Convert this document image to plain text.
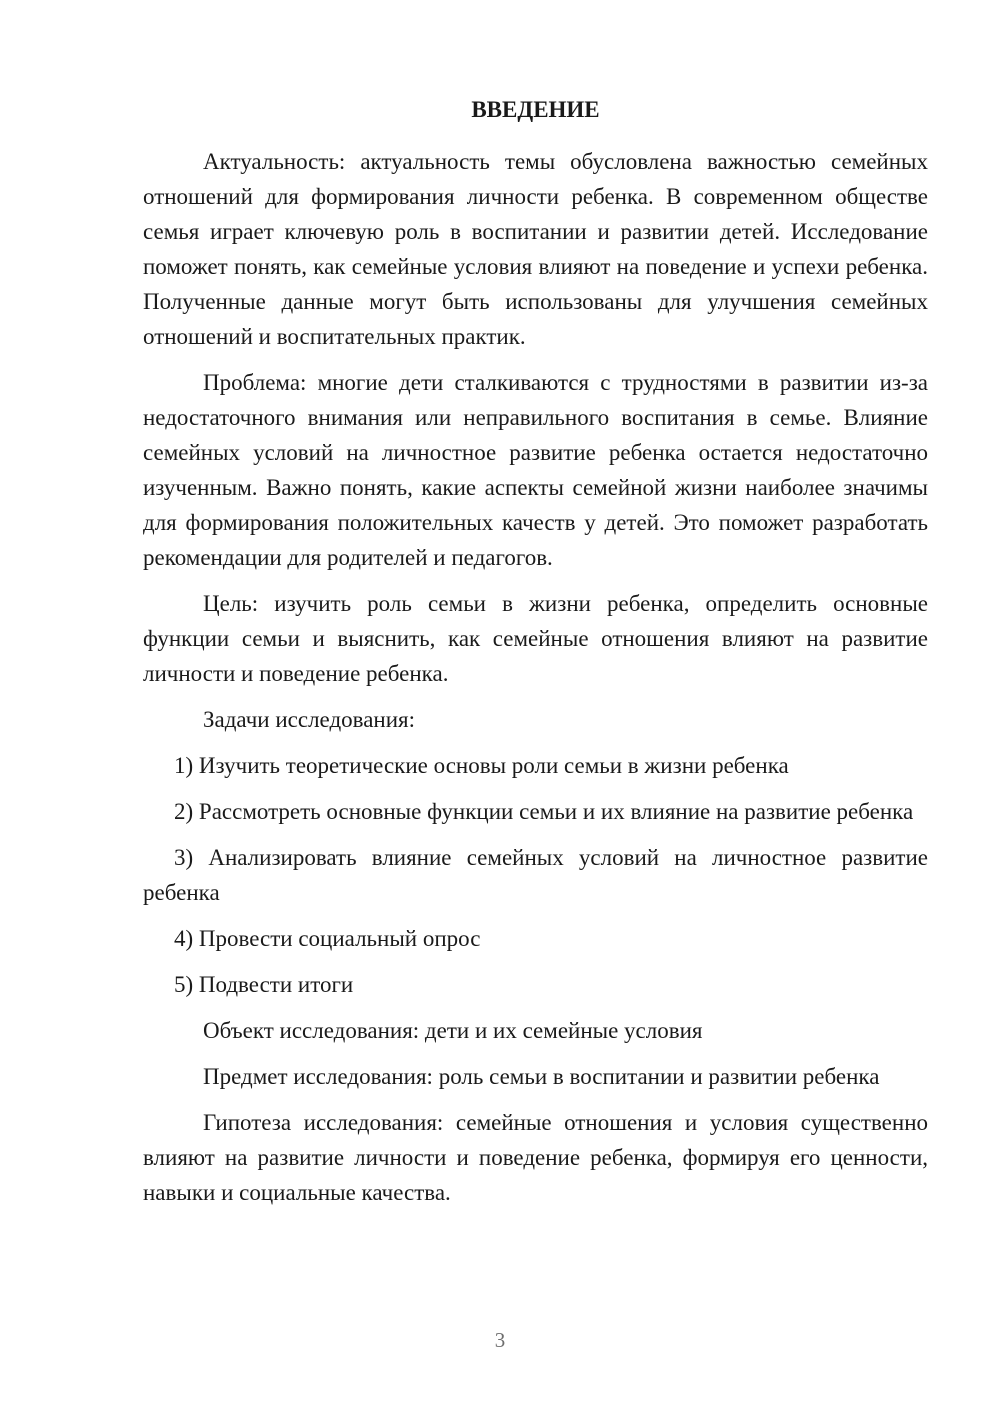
ВВЕДЕНИЕ

Актуальность: актуальность темы обусловлена важностью семейных отношений для формирования личности ребенка. В современном обществе семья играет ключевую роль в воспитании и развитии детей. Исследование поможет понять, как семейные условия влияют на поведение и успехи ребенка. Полученные данные могут быть использованы для улучшения семейных отношений и воспитательных практик.

Проблема: многие дети сталкиваются с трудностями в развитии из-за недостаточного внимания или неправильного воспитания в семье. Влияние семейных условий на личностное развитие ребенка остается недостаточно изученным. Важно понять, какие аспекты семейной жизни наиболее значимы для формирования положительных качеств у детей. Это поможет разработать рекомендации для родителей и педагогов.

Цель: изучить роль семьи в жизни ребенка, определить основные функции семьи и выяснить, как семейные отношения влияют на развитие личности и поведение ребенка.

Задачи исследования:

1) Изучить теоретические основы роли семьи в жизни ребенка

2) Рассмотреть основные функции семьи и их влияние на развитие ребенка

3) Анализировать влияние семейных условий на личностное развитие ребенка

4) Провести социальный опрос

5) Подвести итоги

Объект исследования: дети и их семейные условия

Предмет исследования: роль семьи в воспитании и развитии ребенка

Гипотеза исследования: семейные отношения и условия существенно влияют на развитие личности и поведение ребенка, формируя его ценности, навыки и социальные качества.

3
